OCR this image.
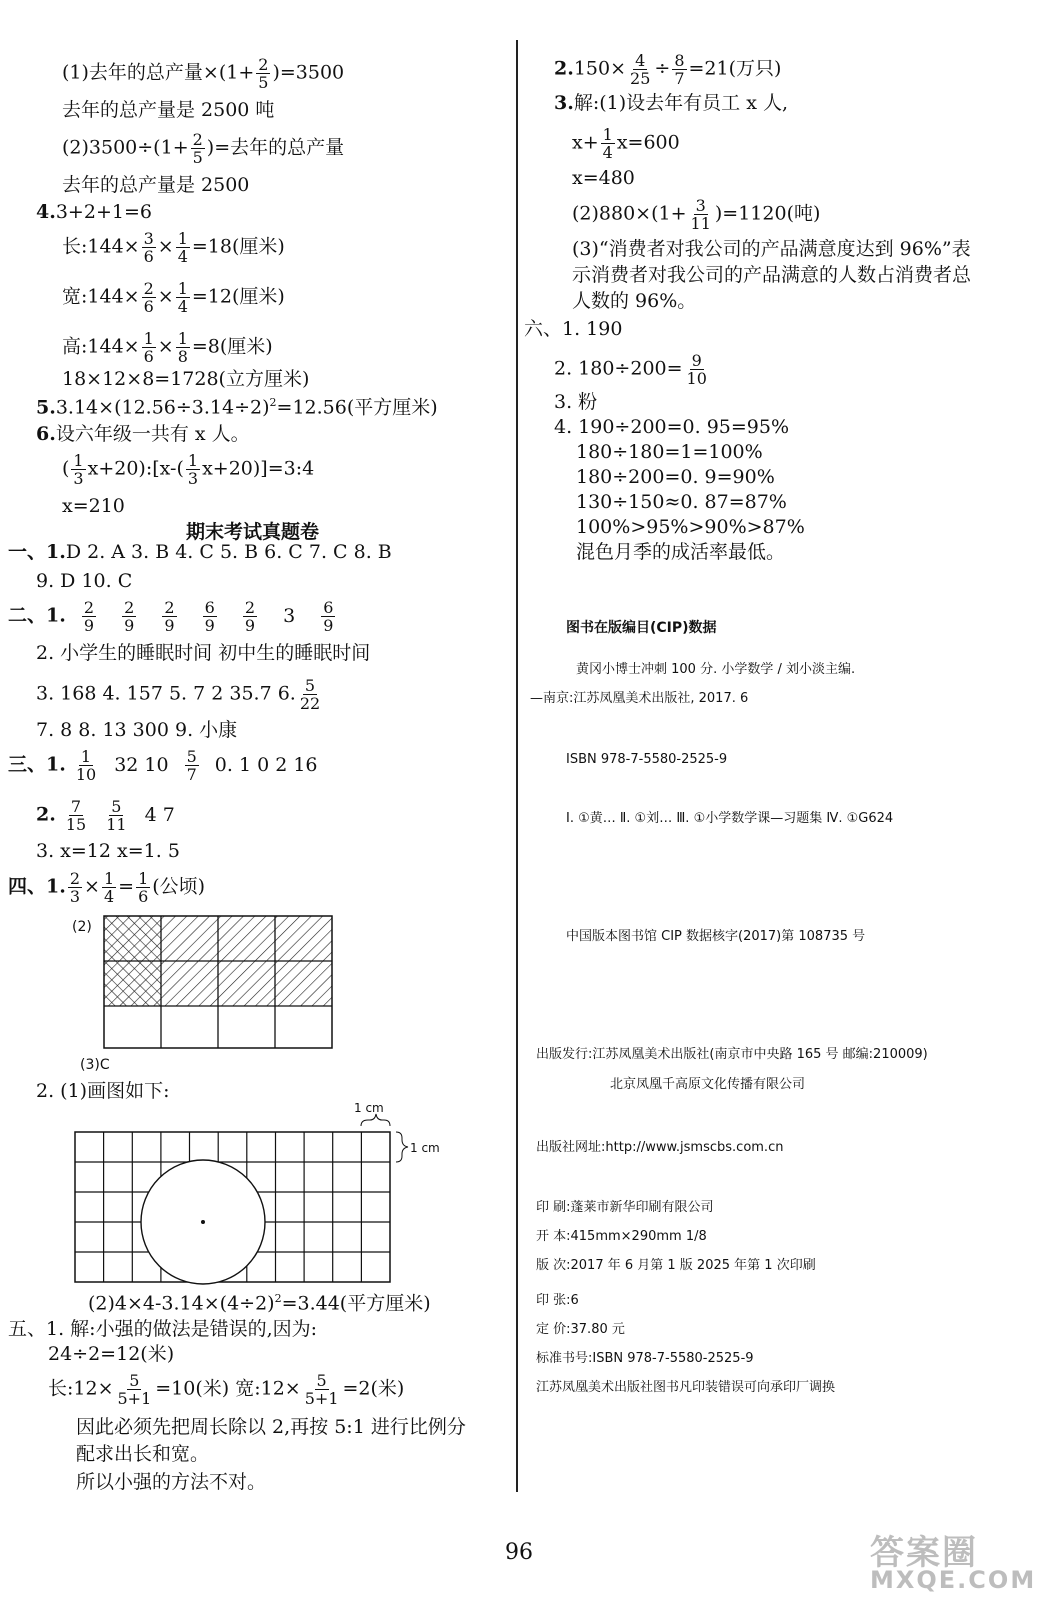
(1)去年的总产量$\times(1+ \frac{2}{5} )=3500$
去年的总产量是 2500 吨
$(2)3500\div(1+ \frac{2}{5}$ )=去年的总产量
去年的总产量是 2500
4.3+2+1=6
长:144× $\frac{3}{6} \times \frac{1}{4} =18$(厘米)
宽:144× $\frac{2}{6} \times \frac{1}{4} =12$(厘米)
高:144× $\frac{1}{6} \times \frac{1}{8} =8$(厘米)
18×12×8=1728(立方厘米)
$5.3.14\times(12.56\div 3.14\div 2)^2=12.56$(平方厘米)
6.设六年级一共有 x 人。
( $\frac{1}{3}$ x+20):[x-( $\frac{1}{3}$ x+20)]=3:4
x=210
期末考试真题卷
一、1.D 2. A 3. B 4. C 5. B 6. C 7. C 8. B
9. D 10. C
二、1. $\frac{2}{9}$
$\frac{2}{9}$
$\frac{2}{9}$
$\frac{6}{9}$
$\frac{2}{9} 3 \frac{6}{9}$
2. 小学生的睡眠时间 初中生的睡眠时间
3. 168 4. 157 5. 7 2 35.7 6. $\frac{5}{22}$
7. 8 8. 13 300 9. 小康
三、1. $\frac{1}{10} 32$ $10 \frac{5}{7} 0$. 1 0 2 16
2. $\frac{7}{15} \frac{5}{11} 4$ 7
3. x=12 x=1. 5
四、1. $\frac{2}{3} \times \frac{1}{4} = \frac{1}{6}$ (公顷)
(2)
(3)C
2. (1)画图如下:
1 cm
1 cm
$(2)4\times 4-3.14\times(4\div 2)^2=3.44$(平方厘米)
五、1. 解:小强的做法是错误的,因为:
24÷2=12(米)
长:12× $\frac{5}{5+1} =10$(米) 宽:12× $\frac{5}{5+1} =2$(米)
因此必须先把周长除以 2,再按 5:1 进行比例分
配求出长和宽。
所以小强的方法不对。
$2.150\times \frac{4}{25} \div \frac{8}{7} =21$(万只)
3.解:(1)设去年有员工 x 人,
$x+ \frac{1}{4} x=600$
x=480
$(2)880\times(1+ \frac{3}{11} )=1120$(吨)
(3)“消费者对我公司的产品满意度达到 96%”表
示消费者对我公司的产品满意的人数占消费者总
人数的 96%。
六、1. 190
2. $180\div 200= \frac{9}{10}$
3. 粉
4. 190÷200=0. 95=95%
180÷180=1=100%
180÷200=0. 9=90%
130÷150≈0. 87=87%
100%>95%>90%>87%
混色月季的成活率最低。
图书在版编目(CIP)数据
黄冈小博士冲刺 100 分. 小学数学 / 刘小淡主编.
—南京:江苏凤凰美术出版社, 2017. 6
ISBN 978-7-5580-2525-9
Ⅰ. ①黄… Ⅱ. ①刘… Ⅲ. ①小学数学课—习题集 Ⅳ. ①G624
中国版本图书馆 CIP 数据核字(2017)第 108735 号
出版发行:江苏凤凰美术出版社(南京市中央路 165 号 邮编:210009)
北京凤凰千高原文化传播有限公司
出版社网址:http://www.jsmscbs.com.cn
印 刷:蓬莱市新华印刷有限公司
开 本:415mm×290mm 1/8
版 次:2017 年 6 月第 1 版 2025 年第 1 次印刷
印 张:6
定 价:37.80 元
标准书号:ISBN 978-7-5580-2525-9
江苏凤凰美术出版社图书凡印装错误可向承印厂调换
96	答案圈
MXQE.COM
